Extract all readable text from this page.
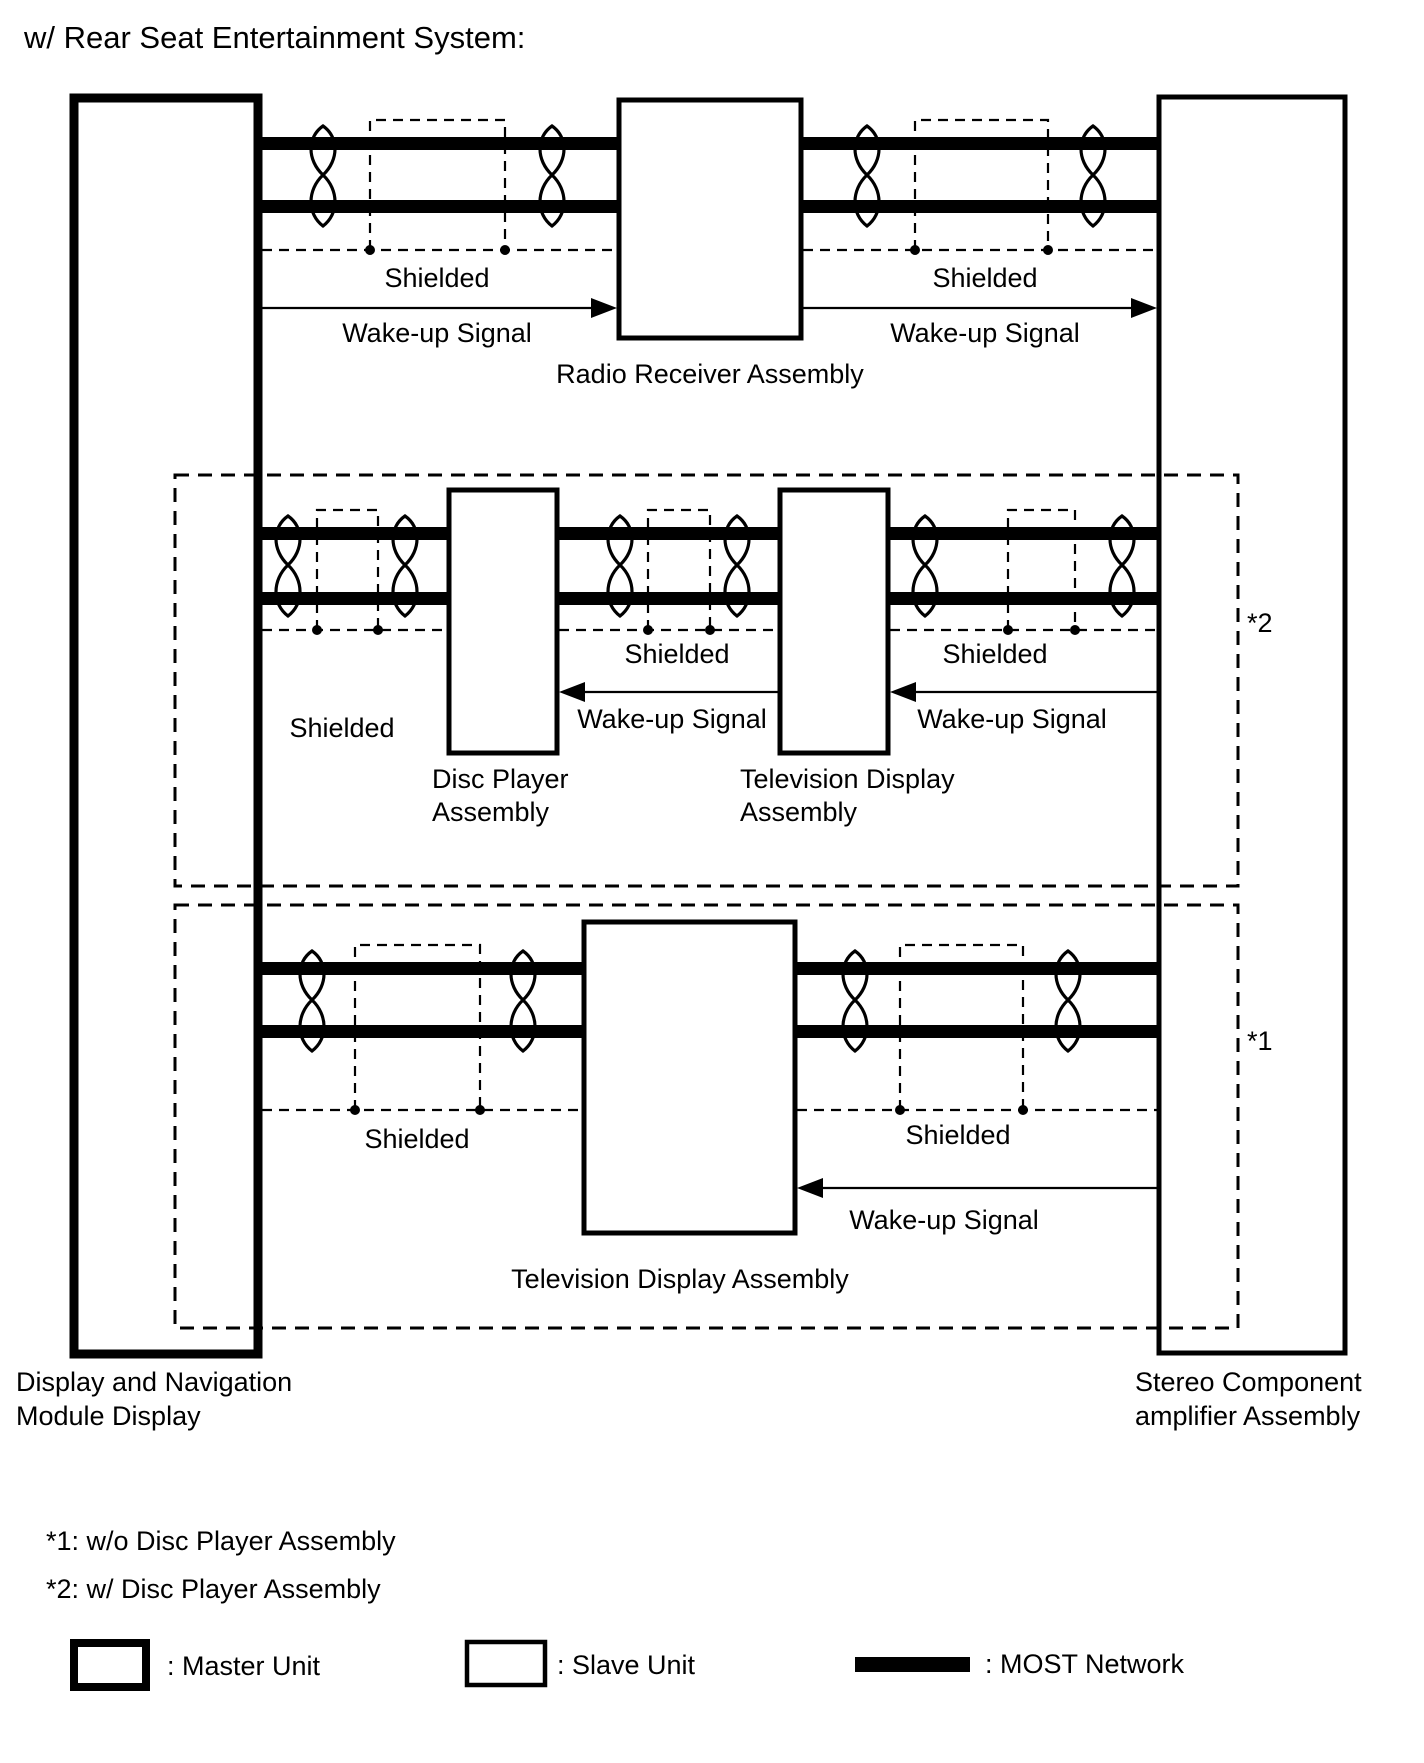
w/ Rear Seat Entertainment System:
*2
*1
Shielded	Shielded
Wake-up Signal	Wake-up Signal
Radio Receiver Assembly
Shielded
Shielded	Shielded
Wake-up Signal	Wake-up Signal
Disc Player
Assembly
Television Display
Assembly
Shielded	Shielded
Wake-up Signal
Television Display Assembly
Display and Navigation
Module Display
Stereo Component
amplifier Assembly
*1: w/o Disc Player Assembly
*2: w/ Disc Player Assembly
: Master Unit	: Slave Unit	: MOST Network
